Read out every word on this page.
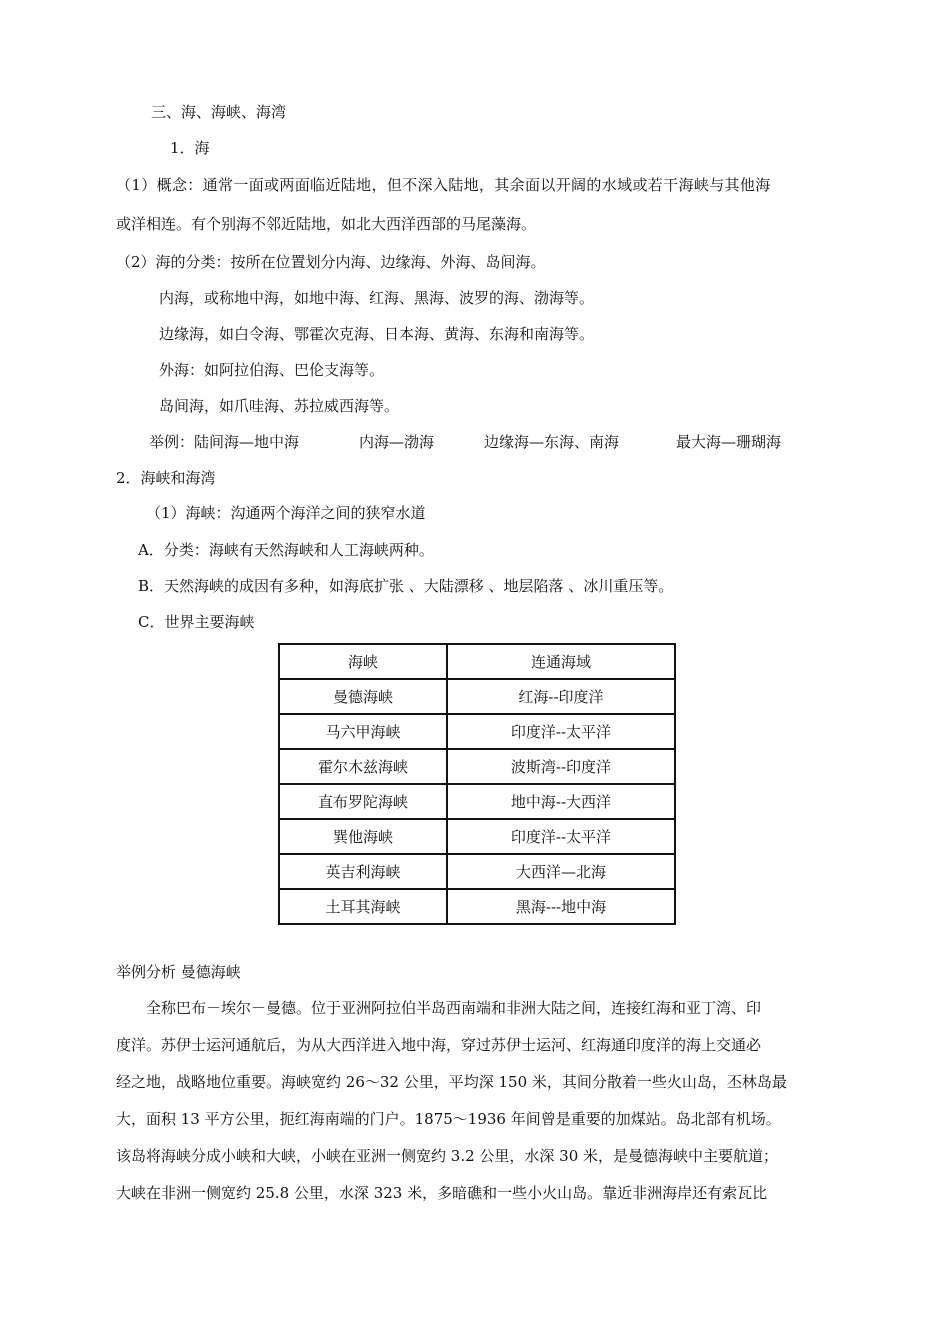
三、海、海峡、海湾
1．海
（1）概念：通常一面或两面临近陆地，但不深入陆地，其余面以开阔的水域或若干海峡与其他海
或洋相连。有个别海不邻近陆地，如北大西洋西部的马尾藻海。
（2）海的分类：按所在位置划分内海、边缘海、外海、岛间海。
内海，或称地中海，如地中海、红海、黑海、波罗的海、渤海等。
边缘海，如白令海、鄂霍次克海、日本海、黄海、东海和南海等。
外海：如阿拉伯海、巴伦支海等。
岛间海，如爪哇海、苏拉威西海等。
举例：陆间海—地中海	内海—渤海	边缘海—东海、南海	最大海—珊瑚海
2．海峡和海湾
（1）海峡：沟通两个海洋之间的狭窄水道
A．分类：海峡有天然海峡和人工海峡两种。
B．天然海峡的成因有多种，如海底扩张 、大陆漂移 、地层陷落 、冰川重压等。
C．世界主要海峡
海峡	连通海域
曼德海峡	红海--印度洋
马六甲海峡	印度洋--太平洋
霍尔木兹海峡	波斯湾--印度洋
直布罗陀海峡	地中海--大西洋
巽他海峡	印度洋--太平洋
英吉利海峡	大西洋—北海
土耳其海峡	黑海---地中海
举例分析 曼德海峡
全称巴布－埃尔－曼德。位于亚洲阿拉伯半岛西南端和非洲大陆之间，连接红海和亚丁湾、印
度洋。苏伊士运河通航后，为从大西洋进入地中海，穿过苏伊士运河、红海通印度洋的海上交通必
经之地，战略地位重要。海峡宽约 26～32 公里，平均深 150 米，其间分散着一些火山岛，丕林岛最
大，面积 13 平方公里，扼红海南端的门户。1875～1936 年间曾是重要的加煤站。岛北部有机场。
该岛将海峡分成小峡和大峡，小峡在亚洲一侧宽约 3.2 公里，水深 30 米，是曼德海峡中主要航道；
大峡在非洲一侧宽约 25.8 公里，水深 323 米，多暗礁和一些小火山岛。靠近非洲海岸还有索瓦比
